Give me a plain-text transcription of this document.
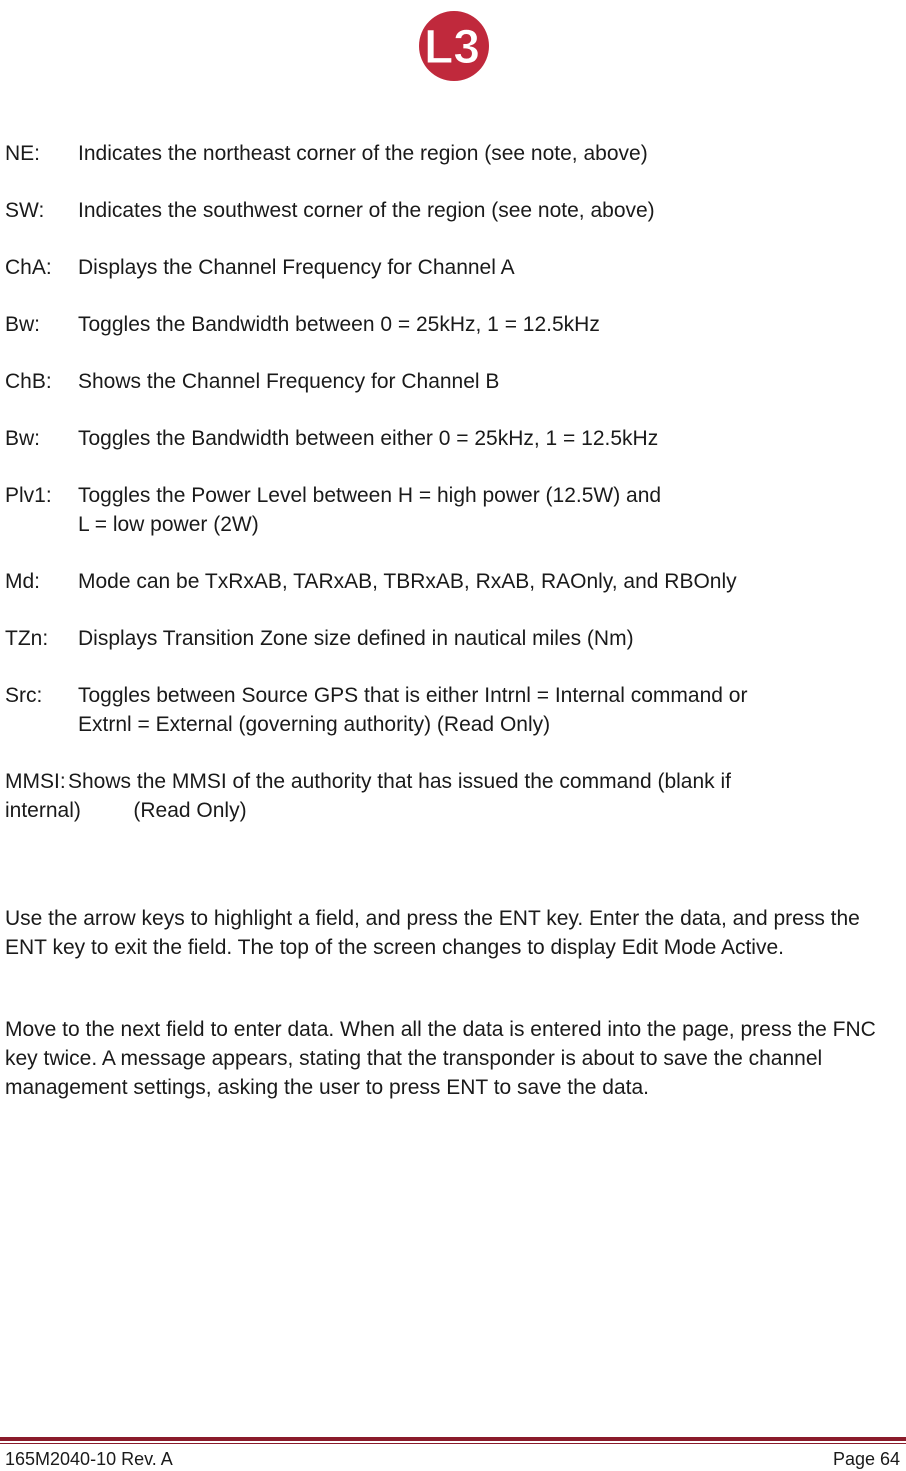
L3
NE: Indicates the northeast corner of the region (see note, above)
SW: Indicates the southwest corner of the region (see note, above)
ChA: Displays the Channel Frequency for Channel A
Bw: Toggles the Bandwidth between 0 = 25kHz, 1 = 12.5kHz
ChB: Shows the Channel Frequency for Channel B
Bw: Toggles the Bandwidth between either 0 = 25kHz, 1 = 12.5kHz
Plv1: Toggles the Power Level between H = high power (12.5W) and
L = low power (2W)
Md: Mode can be TxRxAB, TARxAB, TBRxAB, RxAB, RAOnly, and RBOnly
TZn: Displays Transition Zone size defined in nautical miles (Nm)
Src: Toggles between Source GPS that is either Intrnl = Internal command or
Extrnl = External (governing authority) (Read Only)
MMSI: Shows the MMSI of the authority that has issued the command (blank if
internal)         (Read Only)

Use the arrow keys to highlight a field, and press the ENT key. Enter the data, and press the ENT key to exit the field. The top of the screen changes to display Edit Mode Active.

Move to the next field to enter data. When all the data is entered into the page, press the FNC key twice. A message appears, stating that the transponder is about to save the channel management settings, asking the user to press ENT to save the data.

165M2040-10 Rev. A	Page 64
